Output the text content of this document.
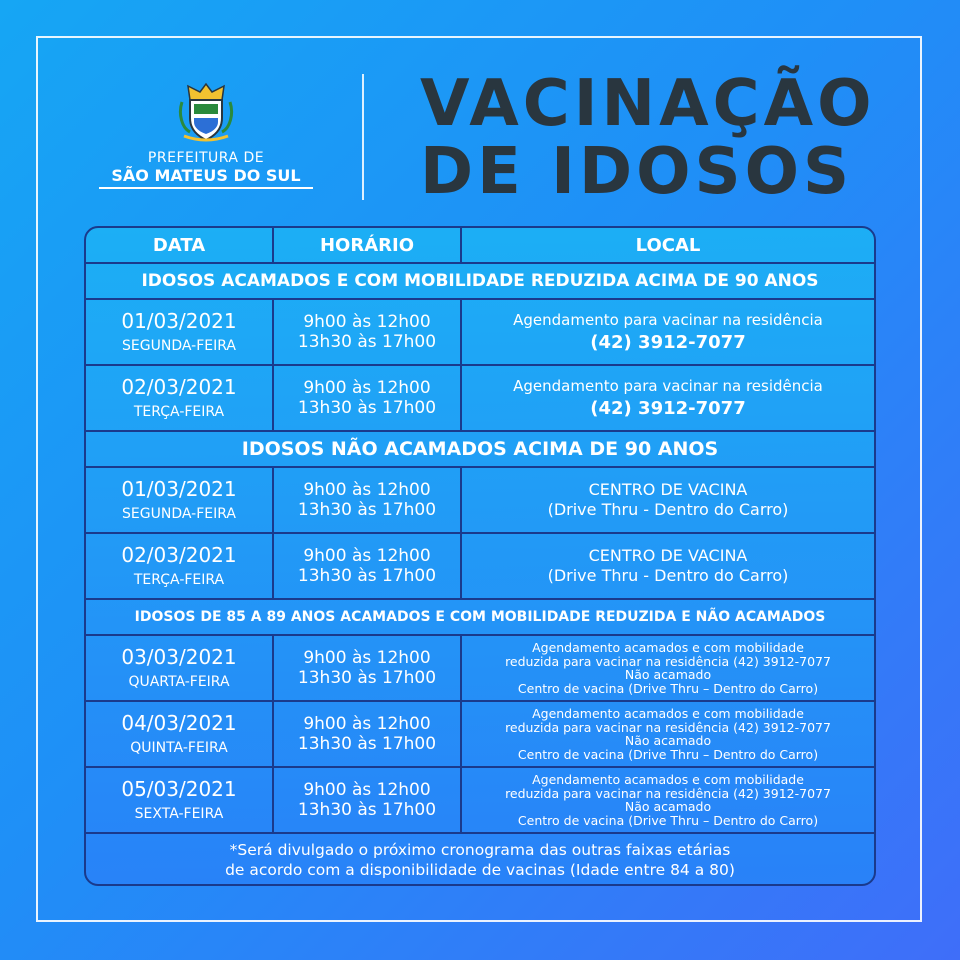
PREFEITURA DE
SÃO MATEUS DO SUL
VACINAÇÃO
DE IDOSOS
DATA	HORÁRIO	LOCAL
IDOSOS ACAMADOS E COM MOBILIDADE REDUZIDA ACIMA DE 90 ANOS
01/03/2021
SEGUNDA-FEIRA
9h00 às 12h00
13h30 às 17h00
Agendamento para vacinar na residência
(42) 3912-7077
02/03/2021
TERÇA-FEIRA
9h00 às 12h00
13h30 às 17h00
Agendamento para vacinar na residência
(42) 3912-7077
IDOSOS NÃO ACAMADOS ACIMA DE 90 ANOS
01/03/2021
SEGUNDA-FEIRA
9h00 às 12h00
13h30 às 17h00
CENTRO DE VACINA
(Drive Thru - Dentro do Carro)
02/03/2021
TERÇA-FEIRA
9h00 às 12h00
13h30 às 17h00
CENTRO DE VACINA
(Drive Thru - Dentro do Carro)
IDOSOS DE 85 A 89 ANOS ACAMADOS E COM MOBILIDADE REDUZIDA E NÃO ACAMADOS
03/03/2021
QUARTA-FEIRA
9h00 às 12h00
13h30 às 17h00
Agendamento acamados e com mobilidade
reduzida para vacinar na residência (42) 3912-7077
Não acamado
Centro de vacina (Drive Thru – Dentro do Carro)
04/03/2021
QUINTA-FEIRA
9h00 às 12h00
13h30 às 17h00
Agendamento acamados e com mobilidade
reduzida para vacinar na residência (42) 3912-7077
Não acamado
Centro de vacina (Drive Thru – Dentro do Carro)
05/03/2021
SEXTA-FEIRA
9h00 às 12h00
13h30 às 17h00
Agendamento acamados e com mobilidade
reduzida para vacinar na residência (42) 3912-7077
Não acamado
Centro de vacina (Drive Thru – Dentro do Carro)
*Será divulgado o próximo cronograma das outras faixas etárias
de acordo com a disponibilidade de vacinas (Idade entre 84 a 80)
